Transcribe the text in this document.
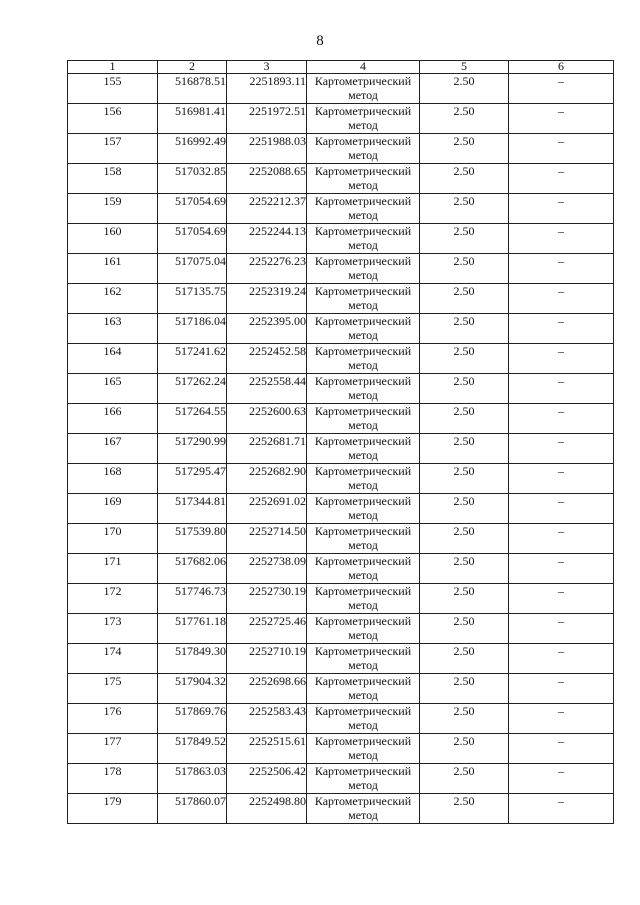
8
1	2	3	4	5	6
155	516878.51	2251893.11	Картометрический метод	2.50	–
156	516981.41	2251972.51	Картометрический метод	2.50	–
157	516992.49	2251988.03	Картометрический метод	2.50	–
158	517032.85	2252088.65	Картометрический метод	2.50	–
159	517054.69	2252212.37	Картометрический метод	2.50	–
160	517054.69	2252244.13	Картометрический метод	2.50	–
161	517075.04	2252276.23	Картометрический метод	2.50	–
162	517135.75	2252319.24	Картометрический метод	2.50	–
163	517186.04	2252395.00	Картометрический метод	2.50	–
164	517241.62	2252452.58	Картометрический метод	2.50	–
165	517262.24	2252558.44	Картометрический метод	2.50	–
166	517264.55	2252600.63	Картометрический метод	2.50	–
167	517290.99	2252681.71	Картометрический метод	2.50	–
168	517295.47	2252682.90	Картометрический метод	2.50	–
169	517344.81	2252691.02	Картометрический метод	2.50	–
170	517539.80	2252714.50	Картометрический метод	2.50	–
171	517682.06	2252738.09	Картометрический метод	2.50	–
172	517746.73	2252730.19	Картометрический метод	2.50	–
173	517761.18	2252725.46	Картометрический метод	2.50	–
174	517849.30	2252710.19	Картометрический метод	2.50	–
175	517904.32	2252698.66	Картометрический метод	2.50	–
176	517869.76	2252583.43	Картометрический метод	2.50	–
177	517849.52	2252515.61	Картометрический метод	2.50	–
178	517863.03	2252506.42	Картометрический метод	2.50	–
179	517860.07	2252498.80	Картометрический метод	2.50	–
